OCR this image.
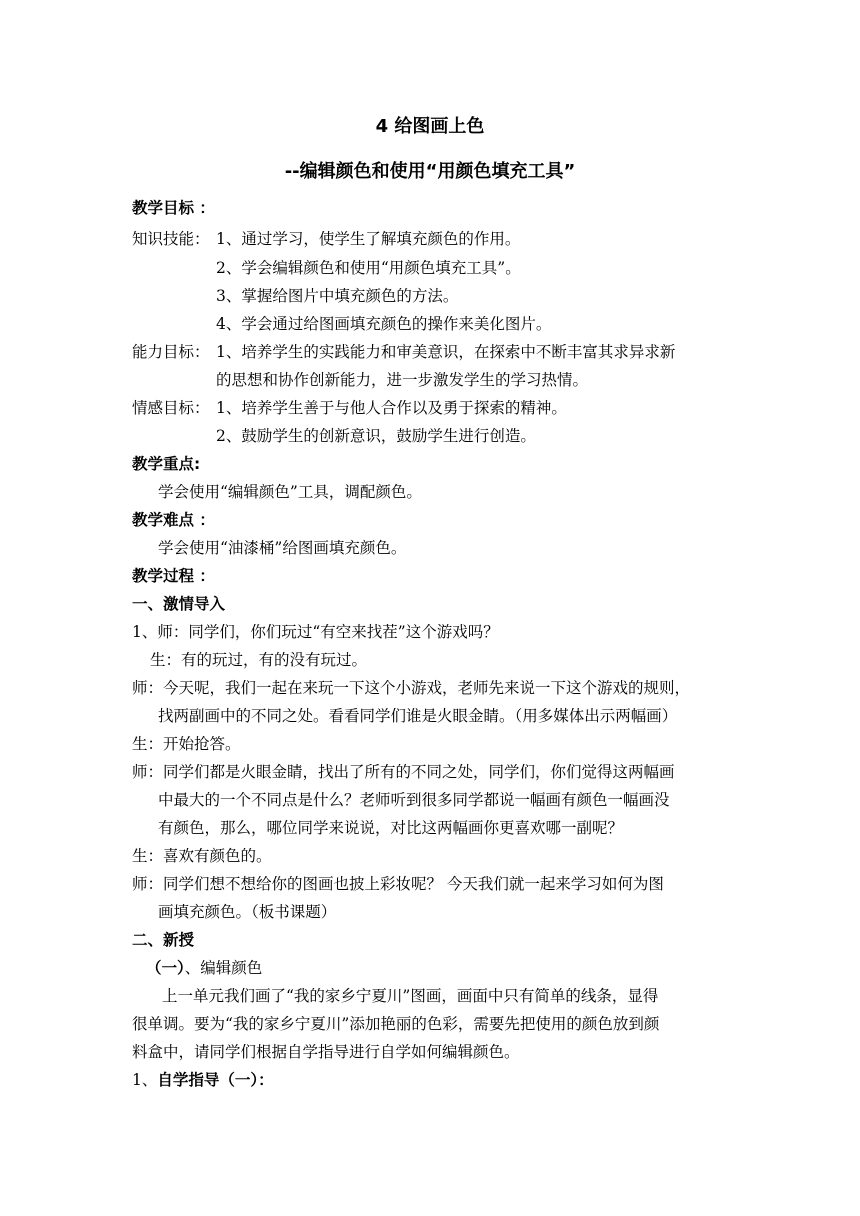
4 给图画上色
--编辑颜色和使用“用颜色填充工具”
教学目标 ：
知识技能： 1、通过学习，使学生了解填充颜色的作用。
2、学会编辑颜色和使用“用颜色填充工具”。
3、掌握给图片中填充颜色的方法。
4、学会通过给图画填充颜色的操作来美化图片。
能力目标： 1、培养学生的实践能力和审美意识，在探索中不断丰富其求异求新
的思想和协作创新能力，进一步激发学生的学习热情。
情感目标： 1、培养学生善于与他人合作以及勇于探索的精神。
2、鼓励学生的创新意识，鼓励学生进行创造。
教学重点:
学会使用“编辑颜色”工具，调配颜色。
教学难点 ：
学会使用“油漆桶”给图画填充颜色。
教学过程 ：
一、激情导入
1、师：同学们，你们玩过“有空来找茬”这个游戏吗？
生：有的玩过，有的没有玩过。
师：今天呢，我们一起在来玩一下这个小游戏，老师先来说一下这个游戏的规则，
找两副画中的不同之处。看看同学们谁是火眼金睛。（用多媒体出示两幅画）
生：开始抢答。
师：同学们都是火眼金睛，找出了所有的不同之处，同学们，你们觉得这两幅画
中最大的一个不同点是什么？老师听到很多同学都说一幅画有颜色一幅画没
有颜色，那么，哪位同学来说说，对比这两幅画你更喜欢哪一副呢？
生：喜欢有颜色的。
师：同学们想不想给你的图画也披上彩妆呢？ 今天我们就一起来学习如何为图
画填充颜色。（板书课题）
二、新授
（一）、编辑颜色
上一单元我们画了“我的家乡宁夏川”图画，画面中只有简单的线条，显得
很单调。要为“我的家乡宁夏川”添加艳丽的色彩，需要先把使用的颜色放到颜
料盒中，请同学们根据自学指导进行自学如何编辑颜色。
1、自学指导（一）：
